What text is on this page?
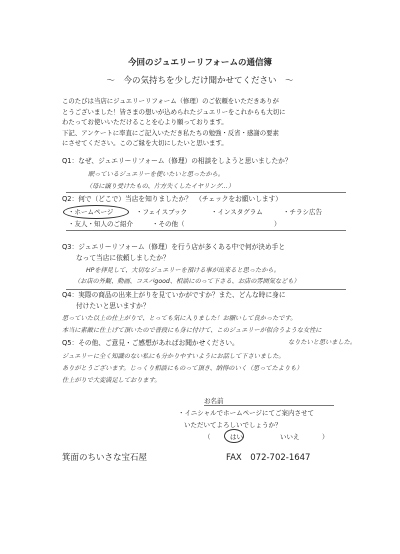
今回のジュエリーリフォームの通信簿
～　今の気持ちを少しだけ聞かせてください　～
このたびは当店にジュエリーリフォーム（修理）のご依頼をいただきありが
とうございました！皆さまの想いが込められたジュエリーをこれからも大切に
わたってお使いいただけることを心より願っております。
下記、アンケートに率直にご記入いただき私たちの勉強・反省・感謝の要素
にさせてください。このご縁を大切にしたいと思います。
Q1：なぜ、ジュエリーリフォーム（修理）の相談をしようと思いましたか？
眠っているジュエリーを使いたいと思ったから。
（母に譲り受けたもの、片方失くしたイヤリング…）
Q2：何で（どこで）当店を知りましたか？　（チェックをお願いします）
・ホームページ	・フェイスブック	・インスタグラム	・チラシ広告
・友人・知人のご紹介	・その他（	）
Q3：ジュエリーリフォーム（修理）を行う店が多くある中で何が決め手と
なって当店に依頼しましたか？
HPを拝見して、大切なジュエリーを預ける事が出来ると思ったから。
（お店の外観、動画、コスパgood、相談にのって下さる、お店の雰囲気なども）
Q4：実際の商品の出来上がりを見ていかがですか？また、どんな時に身に
付けたいと思いますか？
思っていた以上の仕上がりで、とっても気に入りました！お願いして良かったです。
本当に素敵に仕上げて頂いたので普段にも身に付けて、このジュエリーが似合うような女性に
なりたいと思いました。
Q5：その他、ご意見・ご感想があればお聞かせください。
ジュエリーに全く知識のない私にも分かりやすいようにお話して下さいました。
ありがとうございます。じっくり相談にものって頂き、納得のいく（思ってたよりも）
仕上がりで大変満足しております。
お名前
・イニシャルでホームページにてご案内させて
いただいてよろしいでしょうか？
（	はい	いいえ	）
箕面のちいさな宝石屋	FAX　072-702-1647
